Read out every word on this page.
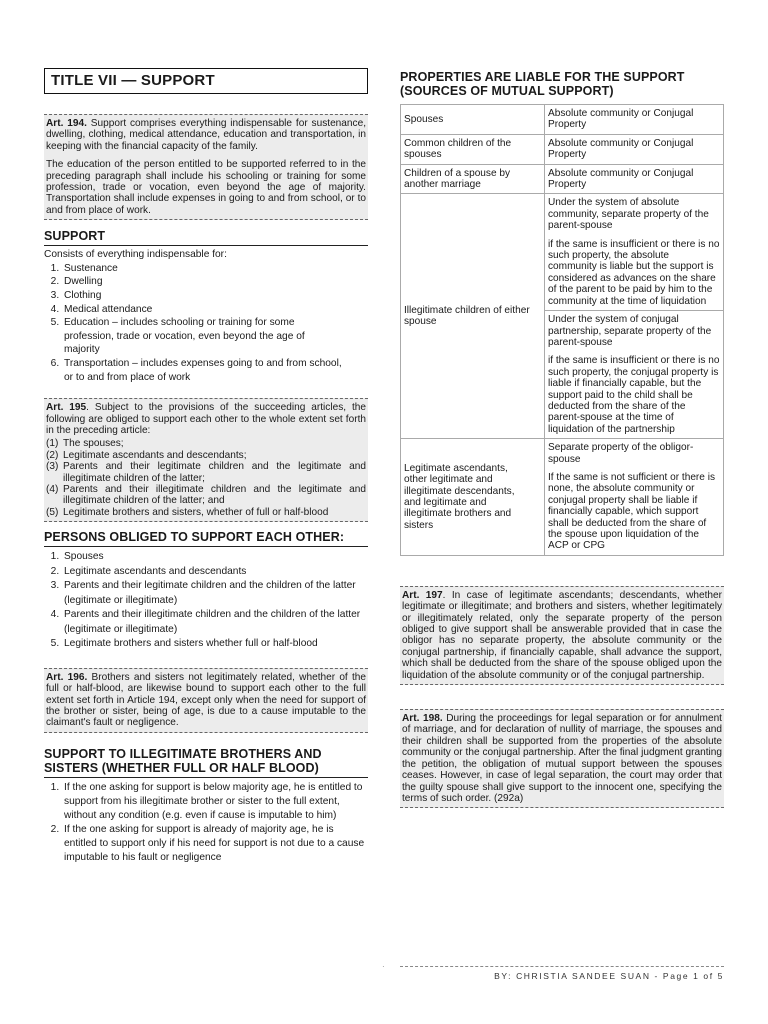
TITLE VII — SUPPORT

Art. 194. Support comprises everything indispensable for sustenance, dwelling, clothing, medical attendance, education and transportation, in keeping with the financial capacity of the family.

The education of the person entitled to be supported referred to in the preceding paragraph shall include his schooling or training for some profession, trade or vocation, even beyond the age of majority. Transportation shall include expenses in going to and from school, or to and from place of work.

SUPPORT

Consists of everything indispensable for:

1. Sustenance
2. Dwelling
3. Clothing
4. Medical attendance
5. Education – includes schooling or training for some profession, trade or vocation, even beyond the age of majority
6. Transportation – includes expenses going to and from school, or to and from place of work

Art. 195. Subject to the provisions of the succeeding articles, the following are obliged to support each other to the whole extent set forth in the preceding article:

(1) The spouses;
(2) Legitimate ascendants and descendants;
(3) Parents and their legitimate children and the legitimate and illegitimate children of the latter;
(4) Parents and their illegitimate children and the legitimate and illegitimate children of the latter; and
(5) Legitimate brothers and sisters, whether of full or half-blood
PERSONS OBLIGED TO SUPPORT EACH OTHER:
1. Spouses
2. Legitimate ascendants and descendants
3. Parents and their legitimate children and the children of the latter (legitimate or illegitimate)
4. Parents and their illegitimate children and the children of the latter (legitimate or illegitimate)
5. Legitimate brothers and sisters whether full or half-blood

Art. 196. Brothers and sisters not legitimately related, whether of the full or half-blood, are likewise bound to support each other to the full extent set forth in Article 194, except only when the need for support of the brother or sister, being of age, is due to a cause imputable to the claimant's fault or negligence.

SUPPORT TO ILLEGITIMATE BROTHERS AND SISTERS (WHETHER FULL OR HALF BLOOD)
1. If the one asking for support is below majority age, he is entitled to support from his illegitimate brother or sister to the full extent, without any condition (e.g. even if cause is imputable to him)
2. If the one asking for support is already of majority age, he is entitled to support only if his need for support is not due to a cause imputable to his fault or negligence
PROPERTIES ARE LIABLE FOR THE SUPPORT (SOURCES OF MUTUAL SUPPORT)
Spouses	Absolute community or Conjugal Property
Common children of the spouses	Absolute community or Conjugal Property
Children of a spouse by another marriage	Absolute community or Conjugal Property
Illegitimate children of either spouse	Under the system of absolute community, separate property of the parent-spouse

if the same is insufficient or there is no such property, the absolute community is liable but the support is considered as advances on the share of the parent to be paid by him to the community at the time of liquidation

	Under the system of conjugal partnership, separate property of the parent-spouse

if the same is insufficient or there is no such property, the conjugal property is liable if financially capable, but the support paid to the child shall be deducted from the share of the parent-spouse at the time of liquidation of the partnership

Legitimate ascendants, other legitimate and illegitimate descendants, and legitimate and illegitimate brothers and sisters	Separate property of the obligor-spouse

If the same is not sufficient or there is none, the absolute community or conjugal property shall be liable if financially capable, which support shall be deducted from the share of the spouse upon liquidation of the ACP or CPG

Art. 197. In case of legitimate ascendants; descendants, whether legitimate or illegitimate; and brothers and sisters, whether legitimately or illegitimately related, only the separate property of the person obliged to give support shall be answerable provided that in case the obligor has no separate property, the absolute community or the conjugal partnership, if financially capable, shall advance the support, which shall be deducted from the share of the spouse obliged upon the liquidation of the absolute community or of the conjugal partnership.

Art. 198. During the proceedings for legal separation or for annulment of marriage, and for declaration of nullity of marriage, the spouses and their children shall be supported from the properties of the absolute community or the conjugal partnership. After the final judgment granting the petition, the obligation of mutual support between the spouses ceases. However, in case of legal separation, the court may order that the guilty spouse shall give support to the innocent one, specifying the terms of such order. (292a)

·
BY: CHRISTIA SANDEE SUAN - Page 1 of 5
